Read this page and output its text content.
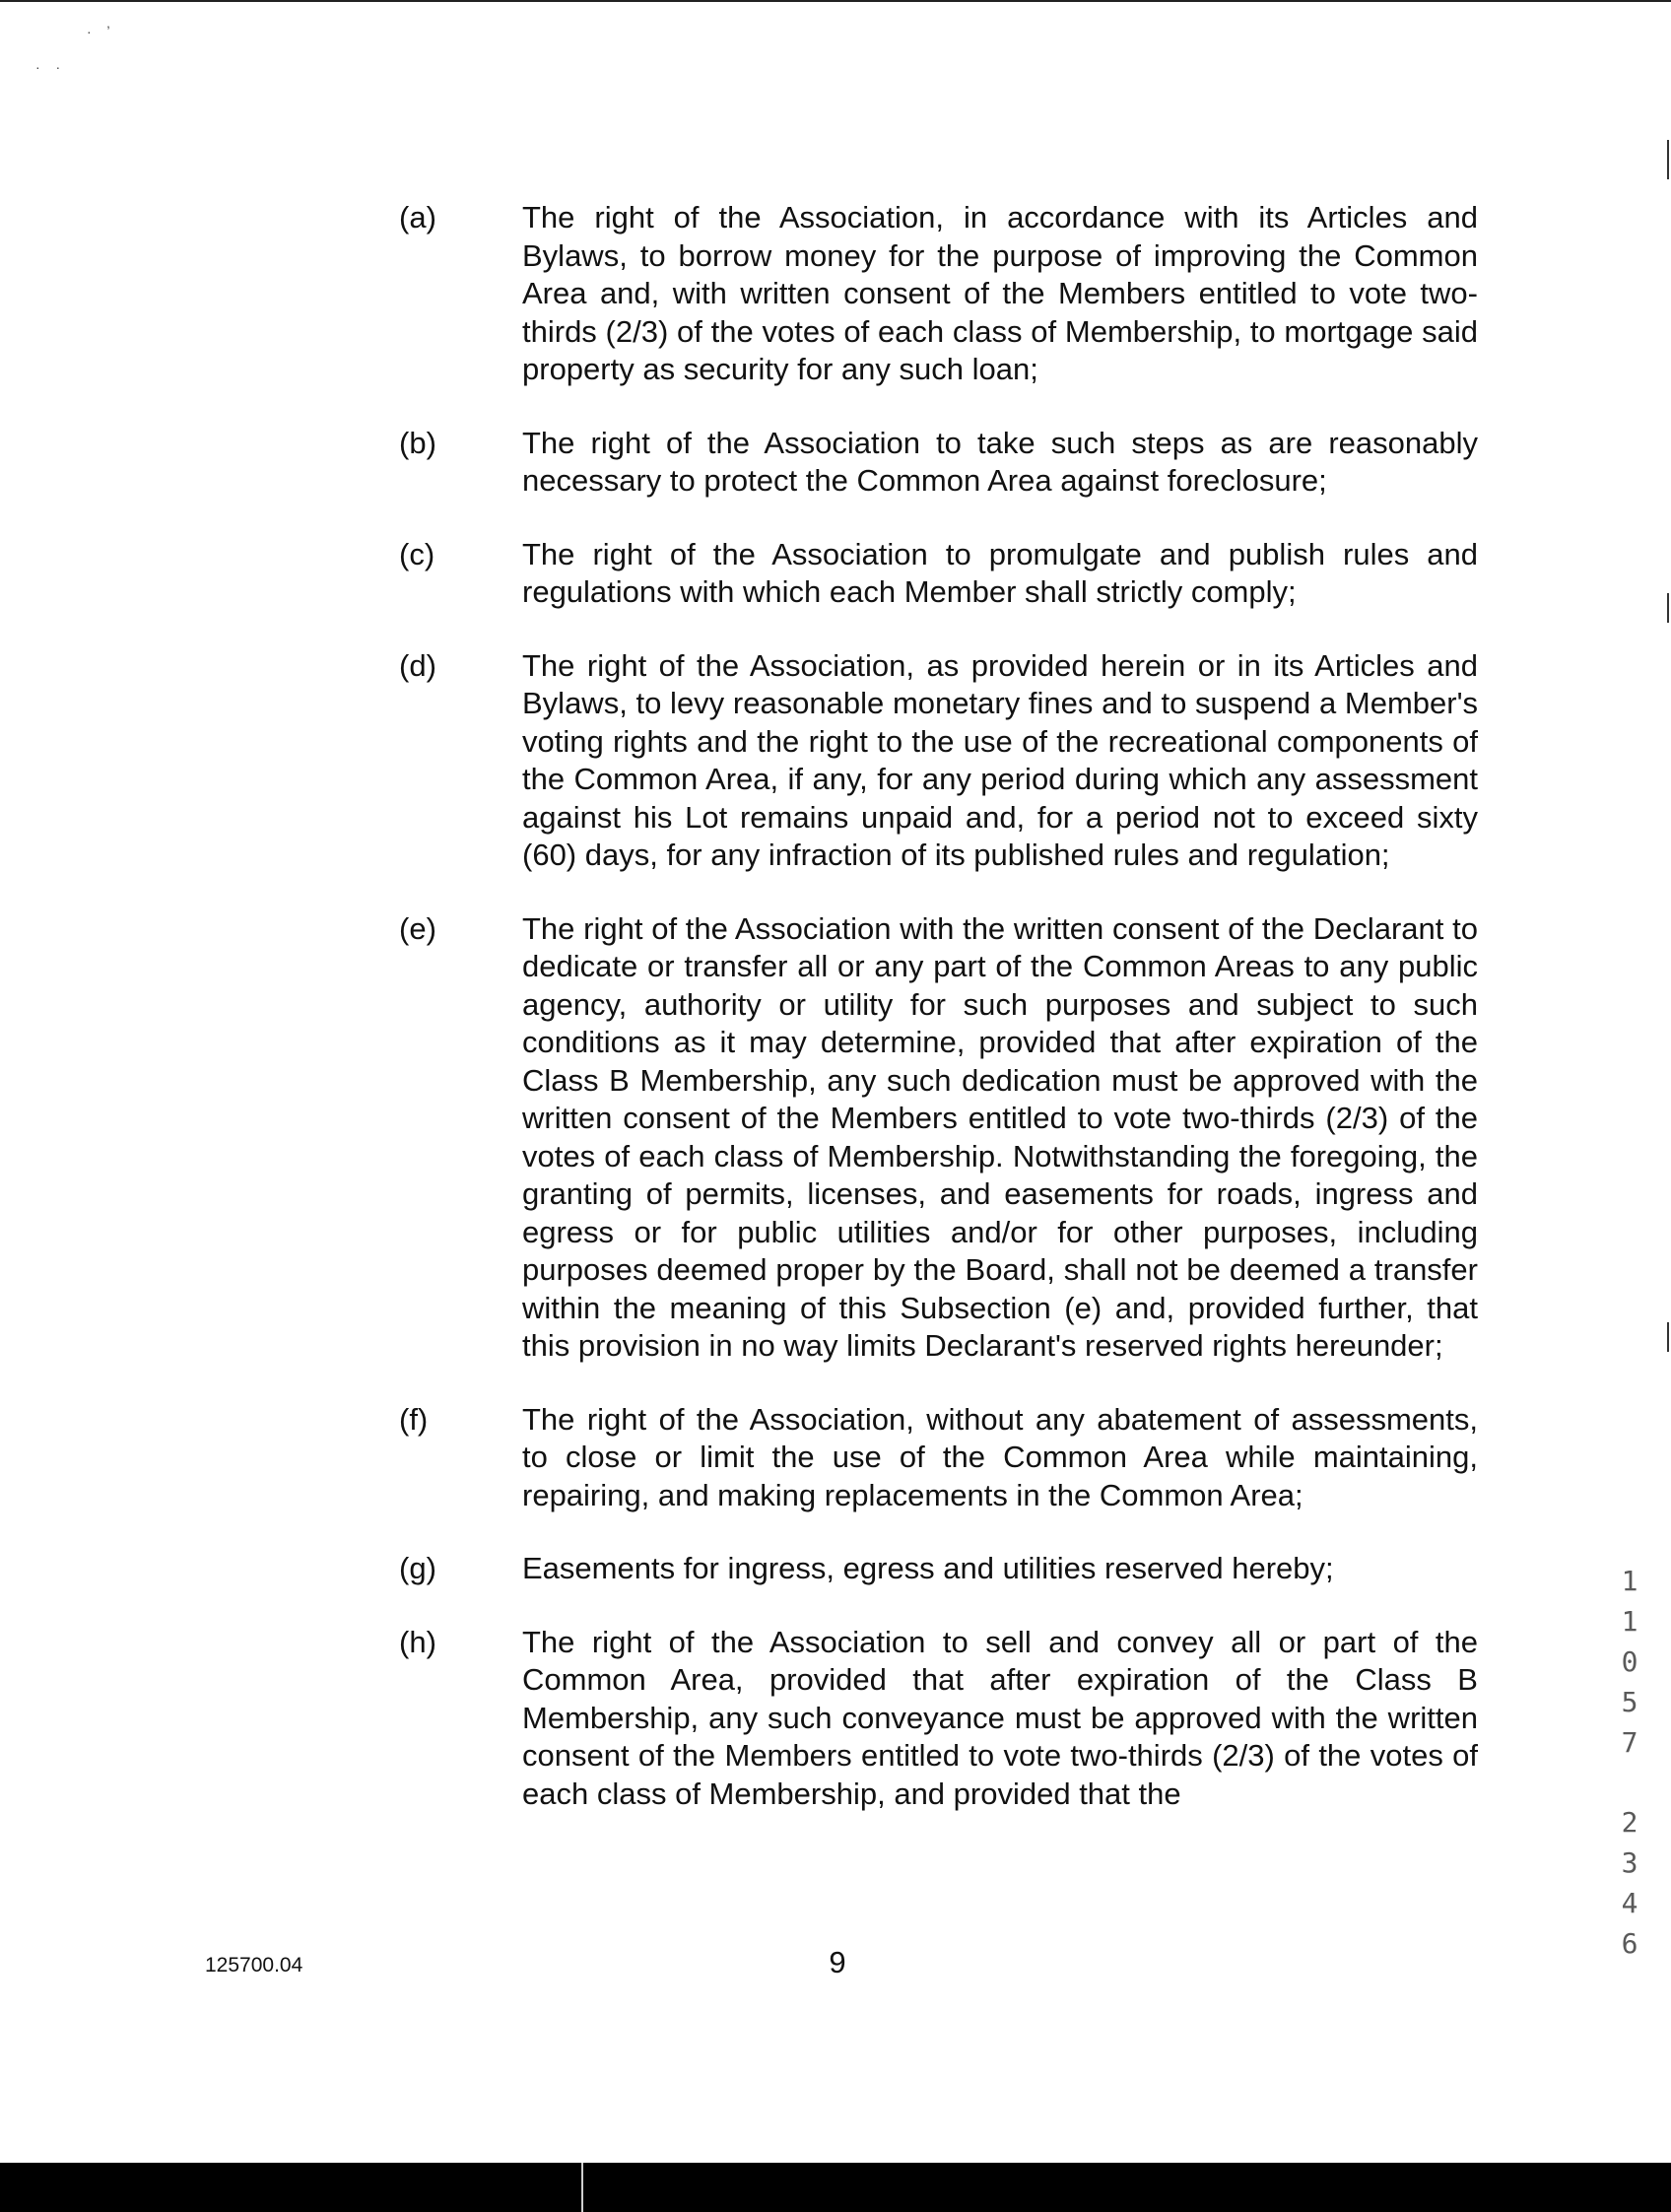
· ʼ
· ·
(a)	The right of the Association, in accordance with its Articles and Bylaws, to borrow money for the purpose of improving the Common Area and, with written consent of the Members entitled to vote two-thirds (2/3) of the votes of each class of Membership, to mortgage said property as security for any such loan;
(b)	The right of the Association to take such steps as are reasonably necessary to protect the Common Area against foreclosure;
(c)	The right of the Association to promulgate and publish rules and regulations with which each Member shall strictly comply;
(d)	The right of the Association, as provided herein or in its Articles and Bylaws, to levy reasonable monetary fines and to suspend a Member's voting rights and the right to the use of the recreational components of the Common Area, if any, for any period during which any assessment against his Lot remains unpaid and, for a period not to exceed sixty (60) days, for any infraction of its published rules and regulation;
(e)	The right of the Association with the written consent of the Declarant to dedicate or transfer all or any part of the Common Areas to any public agency, authority or utility for such purposes and subject to such conditions as it may determine, provided that after expiration of the Class B Membership, any such dedication must be approved with the written consent of the Members entitled to vote two-thirds (2/3) of the votes of each class of Membership. Notwithstanding the foregoing, the granting of permits, licenses, and easements for roads, ingress and egress or for public utilities and/or for other purposes, including purposes deemed proper by the Board, shall not be deemed a transfer within the meaning of this Subsection (e) and, provided further, that this provision in no way limits Declarant's reserved rights hereunder;
(f)	The right of the Association, without any abatement of assessments, to close or limit the use of the Common Area while maintaining, repairing, and making replacements in the Common Area;
(g)	Easements for ingress, egress and utilities reserved hereby;
(h)	The right of the Association to sell and convey all or part of the Common Area, provided that after expiration of the Class B Membership, any such conveyance must be approved with the written consent of the Members entitled to vote two-thirds (2/3) of the votes of each class of Membership, and provided that the
125700.04	9
1
1
0
5
7
2
3
4
6
